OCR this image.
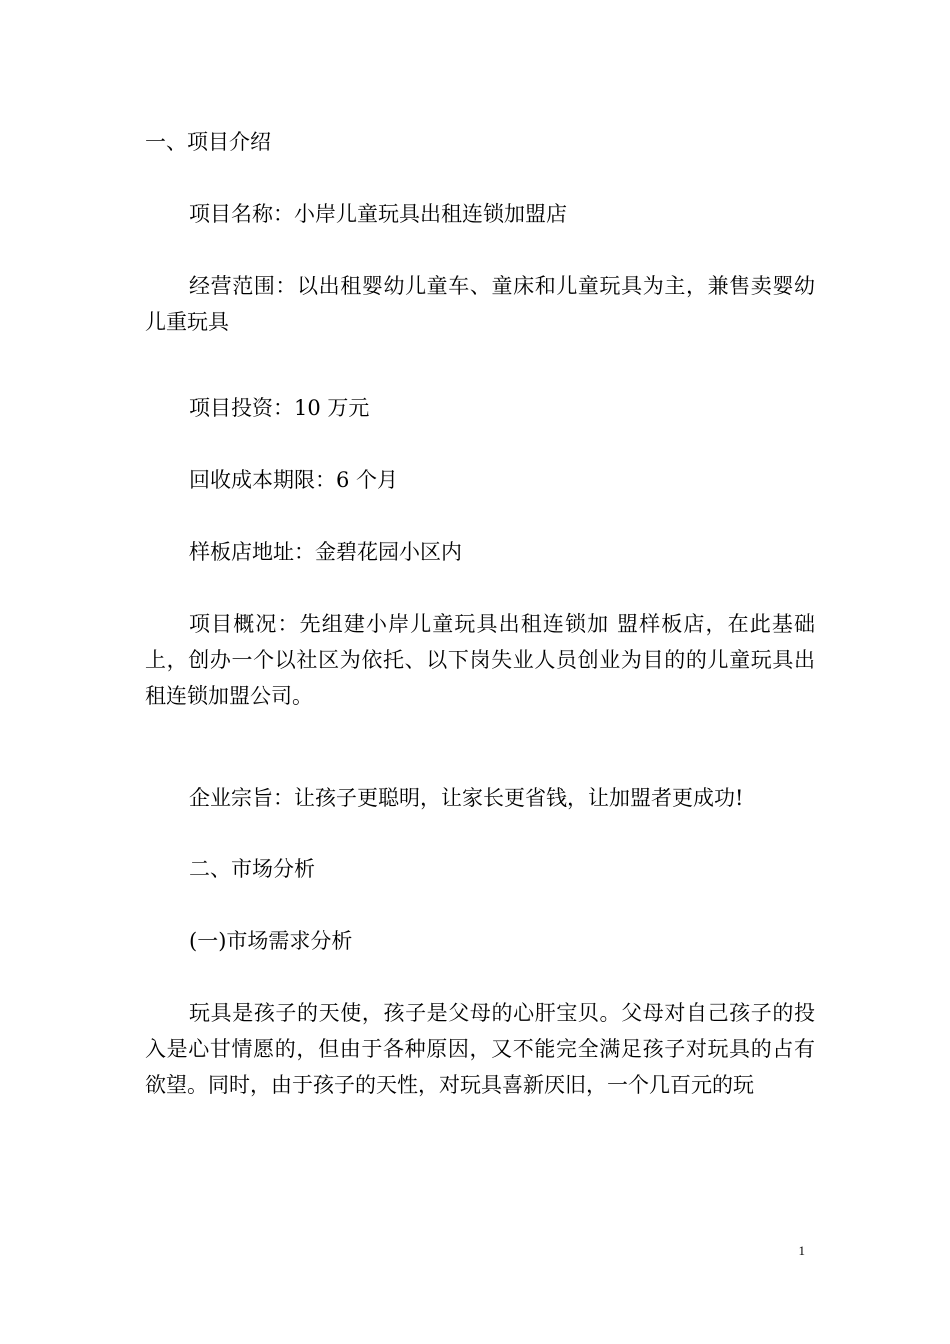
一、项目介绍

项目名称：小岸儿童玩具出租连锁加盟店

经营范围：以出租婴幼儿童车、童床和儿童玩具为主，兼售卖婴幼儿重玩具

项目投资：10 万元

回收成本期限：6 个月

样板店地址：金碧花园小区内

项目概况：先组建小岸儿童玩具出租连锁加 盟样板店，在此基础上，创办一个以社区为依托、以下岗失业人员创业为目的的儿童玩具出租连锁加盟公司。

企业宗旨：让孩子更聪明，让家长更省钱，让加盟者更成功!

二、市场分析

(一)市场需求分析

玩具是孩子的天使，孩子是父母的心肝宝贝。父母对自己孩子的投入是心甘情愿的，但由于各种原因，又不能完全满足孩子对玩具的占有欲望。同时，由于孩子的天性，对玩具喜新厌旧，一个几百元的玩

1
